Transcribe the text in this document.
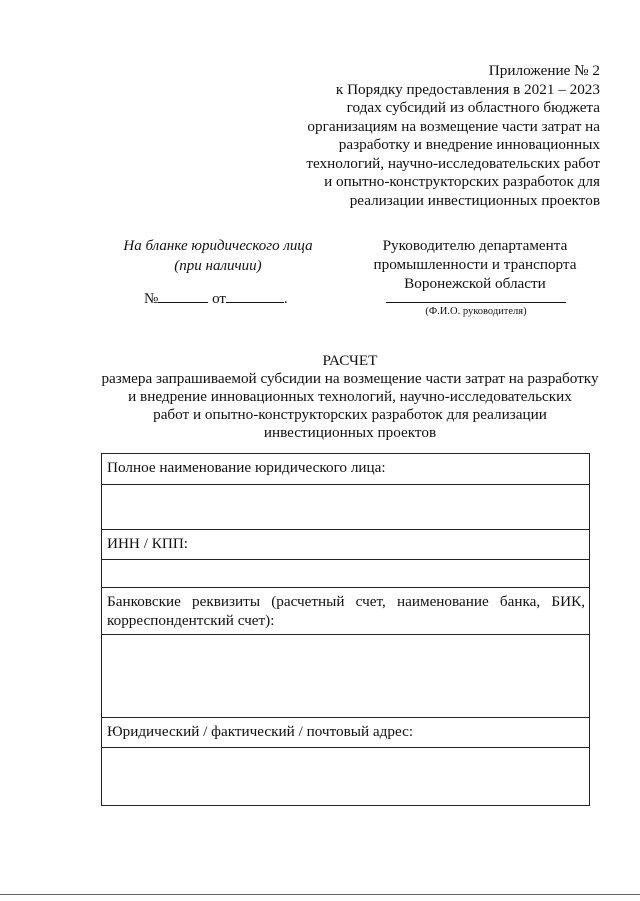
Приложение № 2
к Порядку предоставления в 2021 – 2023
годах субсидий из областного бюджета
организациям на возмещение части затрат на
разработку и внедрение инновационных
технологий, научно-исследовательских работ
и опытно-конструкторских разработок для
реализации инвестиционных проектов
На бланке юридического лица
(при наличии)
№	от	.
Руководителю департамента
промышленности и транспорта
Воронежской области
(Ф.И.О. руководителя)
РАСЧЕТ
размера запрашиваемой субсидии на возмещение части затрат на разработку
и внедрение инновационных технологий, научно-исследовательских
работ и опытно-конструкторских разработок для реализации
инвестиционных проектов
Полное наименование юридического лица:

ИНН / КПП:

Банковские реквизиты (расчетный счет, наименование банка, БИК, корреспондентский счет):

Юридический / фактический / почтовый адрес:
